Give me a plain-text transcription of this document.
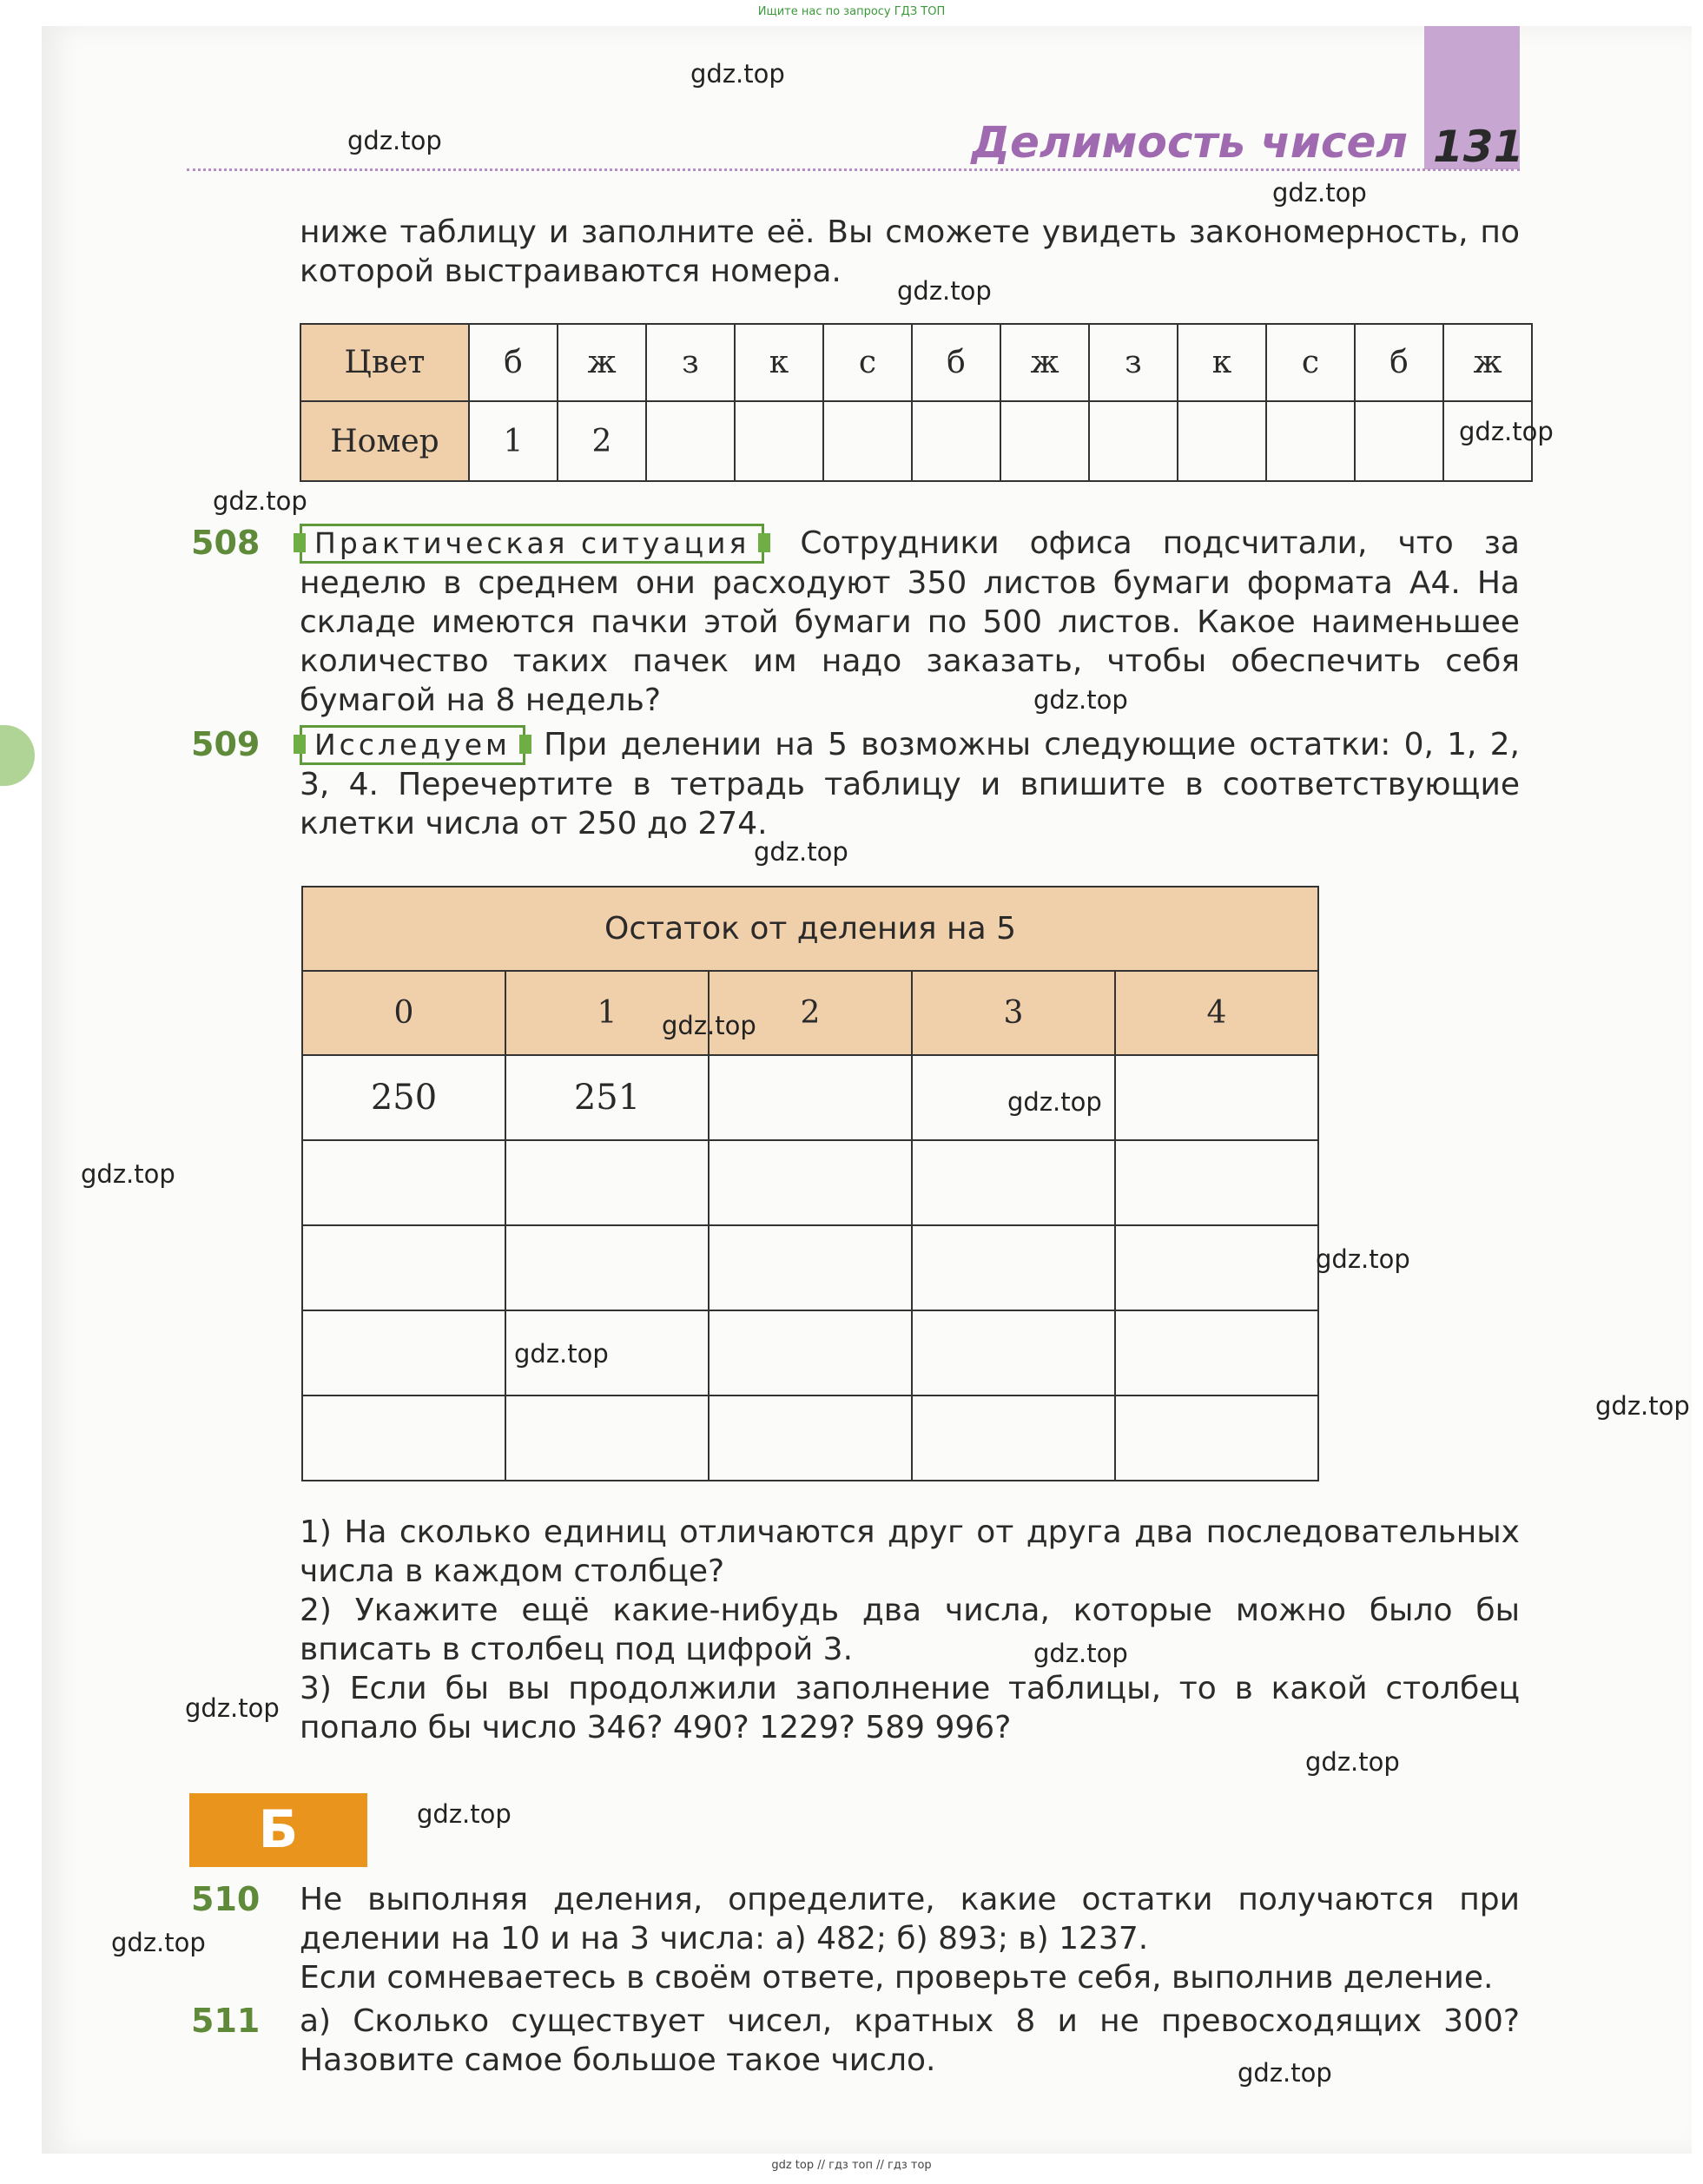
Ищите нас по запросу ГДЗ ТОП
Делимость чисел 131
ниже таблицу и заполните её. Вы сможете увидеть закономерность, по которой выстраиваются номера.
Цвет	б	ж	з	к	с	б	ж	з	к	с	б	ж
Номер	1	2										
508	Практическая ситуация Сотрудники офиса подсчитали, что за неделю в среднем они расходуют 350 листов бумаги формата А4. На складе имеются пачки этой бумаги по 500 листов. Какое наименьшее количество таких пачек им надо заказать, чтобы обеспечить себя бумагой на 8 недель?
509	Исследуем При делении на 5 возможны следующие остатки: 0, 1, 2, 3, 4. Перечертите в тетрадь таблицу и впишите в соответствующие клетки числа от 250 до 274.
Остаток от деления на 5				
0	1	2	3	4
250	251			

1) На сколько единиц отличаются друг от друга два последовательных числа в каждом столбце?
2) Укажите ещё какие-нибудь два числа, которые можно было бы вписать в столбец под цифрой 3.
3) Если бы вы продолжили заполнение таблицы, то в какой столбец попало бы число 346? 490? 1229? 589 996?
Б
510 Не выполняя деления, определите, какие остатки получаются при делении на 10 и на 3 числа: а) 482; б) 893; в) 1237.
Если сомневаетесь в своём ответе, проверьте себя, выполнив деление.
511 а) Сколько существует чисел, кратных 8 и не превосходящих 300? Назовите самое большое такое число.
gdz.top
gdz.top
gdz.top
gdz.top
gdz.top
gdz.top
gdz.top
gdz.top
gdz.top
gdz.top
gdz.top
gdz.top
gdz.top
gdz.top
gdz.top
gdz.top
gdz.top
gdz.top
gdz.top
gdz.top
gdz top // гдз топ // гдз тор
